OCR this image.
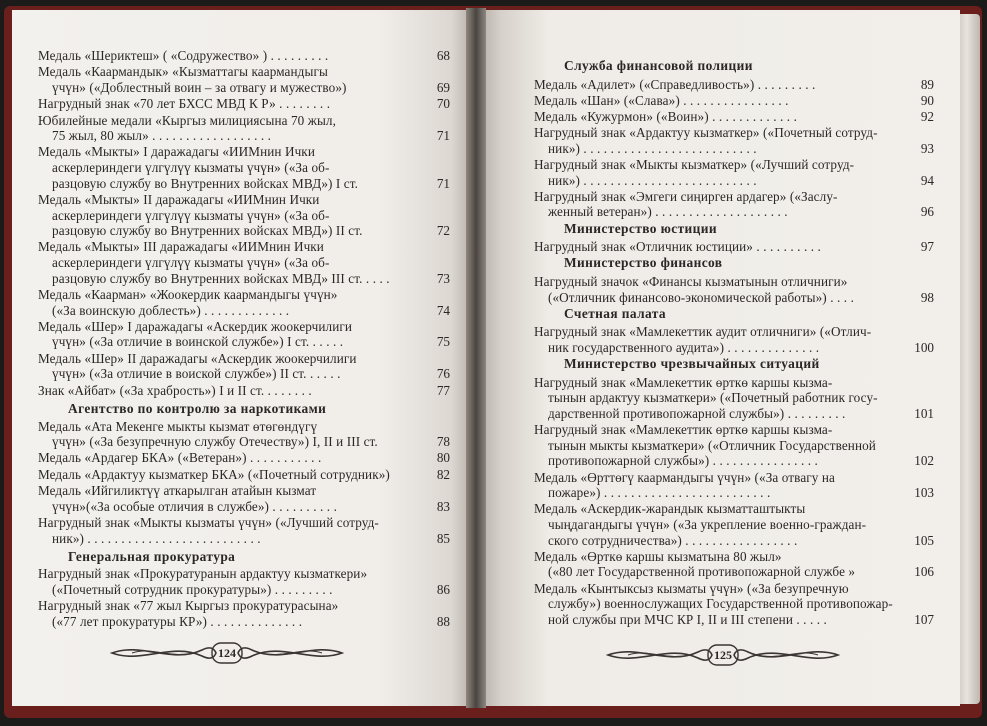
Медаль «Шериктеш» ( «Содружество» ) . . . . . . . . .	68
Медаль «Каармандык» «Кызматтагы каармандыгы
үчүн» («Доблестный воин – за отвагу и мужество»)	69
Нагрудный знак «70 лет БХСС МВД К Р» . . . . . . . .	70
Юбилейные медали «Кыргыз милициясына 70 жыл,
75 жыл, 80 жыл» . . . . . . . . . . . . . . . . . .	71
Медаль «Мыкты» I даражадагы «ИИМнин Ички
аскерлериндеги үлгүлүү кызматы үчүн» («За об-
разцовую службу во Внутренних войсках МВД») I ст.	71
Медаль «Мыкты» II даражадагы «ИИМнин Ички
аскерлериндеги үлгүлүү кызматы үчүн» («За об-
разцовую службу во Внутренних войсках МВД») II ст.	72
Медаль «Мыкты» III даражадагы «ИИМнин Ички
аскерлериндеги үлгүлүү кызматы үчүн» («За об-
разцовую службу во Внутренних войсках МВД» III ст. . . . .	73
Медаль «Каарман» «Жоокердик каармандыгы үчүн»
(«За воинскую доблесть») . . . . . . . . . . . . .	74
Медаль «Шер» I даражадагы «Аскердик жоокерчилиги
үчүн» («За отличие в воинской службе») I ст. . . . . .	75
Медаль «Шер» II даражадагы «Аскердик жоокерчилиги
үчүн» («За отличие в воиской службе») II ст. . . . . .	76
Знак «Айбат» («За храбрость») I и II ст. . . . . . . .	77
Агентство по контролю за наркотиками
Медаль «Ата Мекенге мыкты кызмат өтөгөндүгү
үчүн» («За безупречную службу Отечеству») I, II и III ст.	78
Медаль «Ардагер БКА» («Ветеран») . . . . . . . . . . .	80
Медаль «Ардактуу кызматкер БКА» («Почетный сотрудник»)	82
Медаль «Ийгиликтүү аткарылган атайын кызмат
үчүн»(«За особые отличия в службе») . . . . . . . . . .	83
Нагрудный знак «Мыкты кызматы үчүн» («Лучший сотруд-
ник») . . . . . . . . . . . . . . . . . . . . . . . . . .	85
Генеральная прокуратура
Нагрудный знак «Прокуратуранын ардактуу кызматкери»
(«Почетный сотрудник прокуратуры») . . . . . . . . .	86
Нагрудный знак «77 жыл Кыргыз прокуратурасына»
(«77 лет прокуратуры КР») . . . . . . . . . . . . . .	88
124
Служба финансовой полиции
Медаль «Адилет» («Справедливость») . . . . . . . . .	89
Медаль «Шан» («Слава») . . . . . . . . . . . . . . . .	90
Медаль «Кужурмон» («Воин») . . . . . . . . . . . . .	92
Нагрудный знак «Ардактуу кызматкер» («Почетный сотруд-
ник») . . . . . . . . . . . . . . . . . . . . . . . . . .	93
Нагрудный знак «Мыкты кызматкер» («Лучший сотруд-
ник») . . . . . . . . . . . . . . . . . . . . . . . . . .	94
Нагрудный знак «Эмгеги сиңирген ардагер» («Заслу-
женный ветеран») . . . . . . . . . . . . . . . . . . . .	96
Министерство юстиции
Нагрудный знак «Отличник юстиции» . . . . . . . . . .	97
Министерство финансов
Нагрудный значок «Финансы кызматынын отличниги»
(«Отличник финансово-экономической работы») . . . .	98
Счетная палата
Нагрудный знак «Мамлекеттик аудит отличниги» («Отлич-
ник государственного аудита») . . . . . . . . . . . . . .	100
Министерство чрезвычайных ситуаций
Нагрудный знак «Мамлекеттик өрткө каршы кызма-
тынын ардактуу кызматкери» («Почетный работник госу-
дарственной противопожарной службы») . . . . . . . . .	101
Нагрудный знак «Мамлекеттик өрткө каршы кызма-
тынын мыкты кызматкери» («Отличник Государственной
противопожарной службы») . . . . . . . . . . . . . . . .	102
Медаль «Өрттөгү каармандыгы үчүн» («За отвагу на
пожаре») . . . . . . . . . . . . . . . . . . . . . . . . .	103
Медаль «Аскердик-жарандык кызматташтыкты
чыңдагандыгы үчүн» («За укрепление военно-граждан-
ского сотрудничества») . . . . . . . . . . . . . . . . .	105
Медаль «Өрткө каршы кызматына 80 жыл»
(«80 лет Государственной противопожарной службе »	106
Медаль «Кынтыксыз кызматы үчүн» («За безупречную
службу») военнослужащих Государственной противопожар-
ной службы при МЧС КР I, II и III степени . . . . .	107
125
